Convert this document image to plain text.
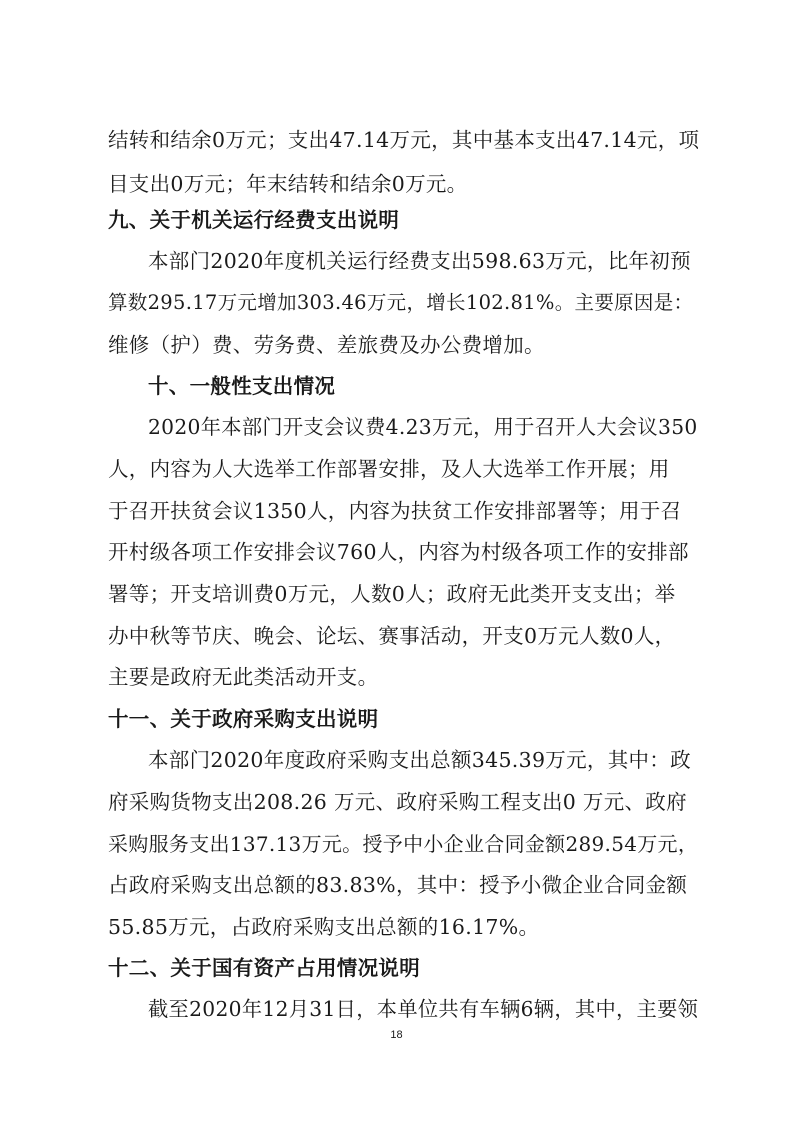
结转和结余0万元；支出47.14万元，其中基本支出47.14元，项
目支出0万元；年末结转和结余0万元。
九、关于机关运行经费支出说明
本部门2020年度机关运行经费支出598.63万元，比年初预
算数295.17万元增加303.46万元，增长102.81%。主要原因是：
维修（护）费、劳务费、差旅费及办公费增加。
十、一般性支出情况
2020年本部门开支会议费4.23万元，用于召开人大会议350
人，内容为人大选举工作部署安排，及人大选举工作开展；用
于召开扶贫会议1350人，内容为扶贫工作安排部署等；用于召
开村级各项工作安排会议760人，内容为村级各项工作的安排部
署等；开支培训费0万元，人数0人；政府无此类开支支出；举
办中秋等节庆、晚会、论坛、赛事活动，开支0万元人数0人，
主要是政府无此类活动开支。
十一、关于政府采购支出说明
本部门2020年度政府采购支出总额345.39万元，其中：政
府采购货物支出208.26 万元、政府采购工程支出0 万元、政府
采购服务支出137.13万元。授予中小企业合同金额289.54万元，
占政府采购支出总额的83.83%，其中：授予小微企业合同金额
55.85万元，占政府采购支出总额的16.17%。
十二、关于国有资产占用情况说明
截至2020年12月31日，本单位共有车辆6辆，其中，主要领
18
